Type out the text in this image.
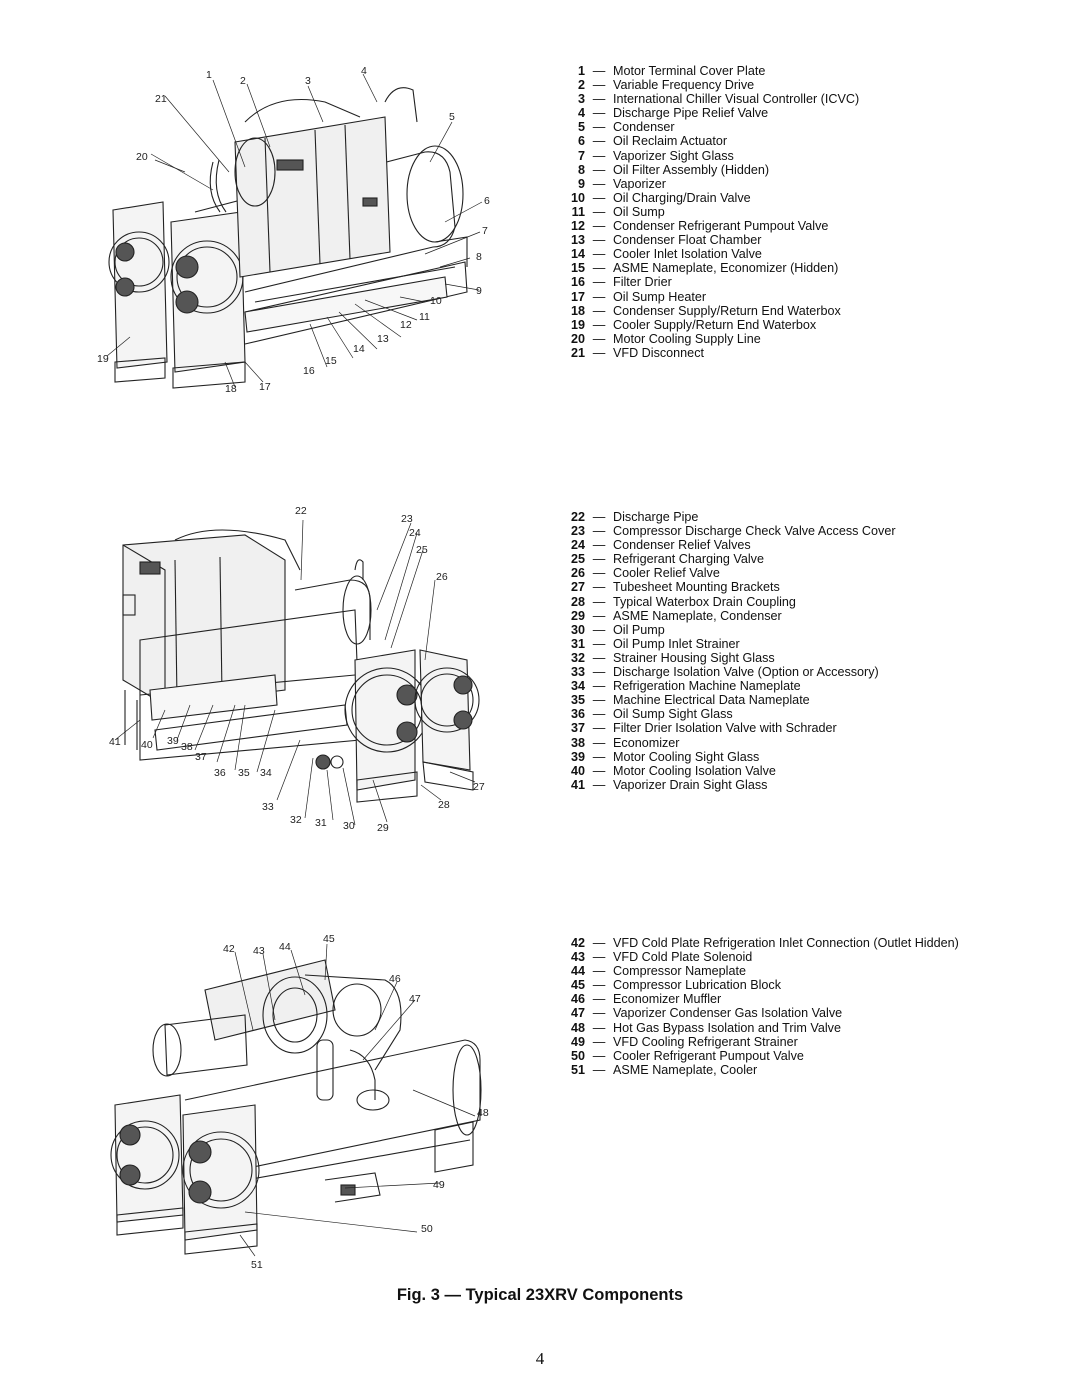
1	2	3
4
5
6
7
8
9
10
11
12
13
14
15
16
17
18
19
20
21
1 — Motor Terminal Cover Plate
2 — Variable Frequency Drive
3 — International Chiller Visual Controller (ICVC)
4 — Discharge Pipe Relief Valve
5 — Condenser
6 — Oil Reclaim Actuator
7 — Vaporizer Sight Glass
8 — Oil Filter Assembly (Hidden)
9 — Vaporizer
10 — Oil Charging/Drain Valve
11 — Oil Sump
12 — Condenser Refrigerant Pumpout Valve
13 — Condenser Float Chamber
14 — Cooler Inlet Isolation Valve
15 — ASME Nameplate, Economizer (Hidden)
16 — Filter Drier
17 — Oil Sump Heater
18 — Condenser Supply/Return End Waterbox
19 — Cooler Supply/Return End Waterbox
20 — Motor Cooling Supply Line
21 — VFD Disconnect
22
23
24
25
26
27
28
29
30
31
32
33
34
35
36
37
38
39
40
41
22 — Discharge Pipe
23 — Compressor Discharge Check Valve Access Cover
24 — Condenser Relief Valves
25 — Refrigerant Charging Valve
26 — Cooler Relief Valve
27 — Tubesheet Mounting Brackets
28 — Typical Waterbox Drain Coupling
29 — ASME Nameplate, Condenser
30 — Oil Pump
31 — Oil Pump Inlet Strainer
32 — Strainer Housing Sight Glass
33 — Discharge Isolation Valve (Option or Accessory)
34 — Refrigeration Machine Nameplate
35 — Machine Electrical Data Nameplate
36 — Oil Sump Sight Glass
37 — Filter Drier Isolation Valve with Schrader
38 — Economizer
39 — Motor Cooling Sight Glass
40 — Motor Cooling Isolation Valve
41 — Vaporizer Drain Sight Glass
42 43 44
45
46
47
48
49
50
51
42 — VFD Cold Plate Refrigeration Inlet Connection (Outlet Hidden)
43 — VFD Cold Plate Solenoid
44 — Compressor Nameplate
45 — Compressor Lubrication Block
46 — Economizer Muffler
47 — Vaporizer Condenser Gas Isolation Valve
48 — Hot Gas Bypass Isolation and Trim Valve
49 — VFD Cooling Refrigerant Strainer
50 — Cooler Refrigerant Pumpout Valve
51 — ASME Nameplate, Cooler
Fig. 3 — Typical 23XRV Components
4
